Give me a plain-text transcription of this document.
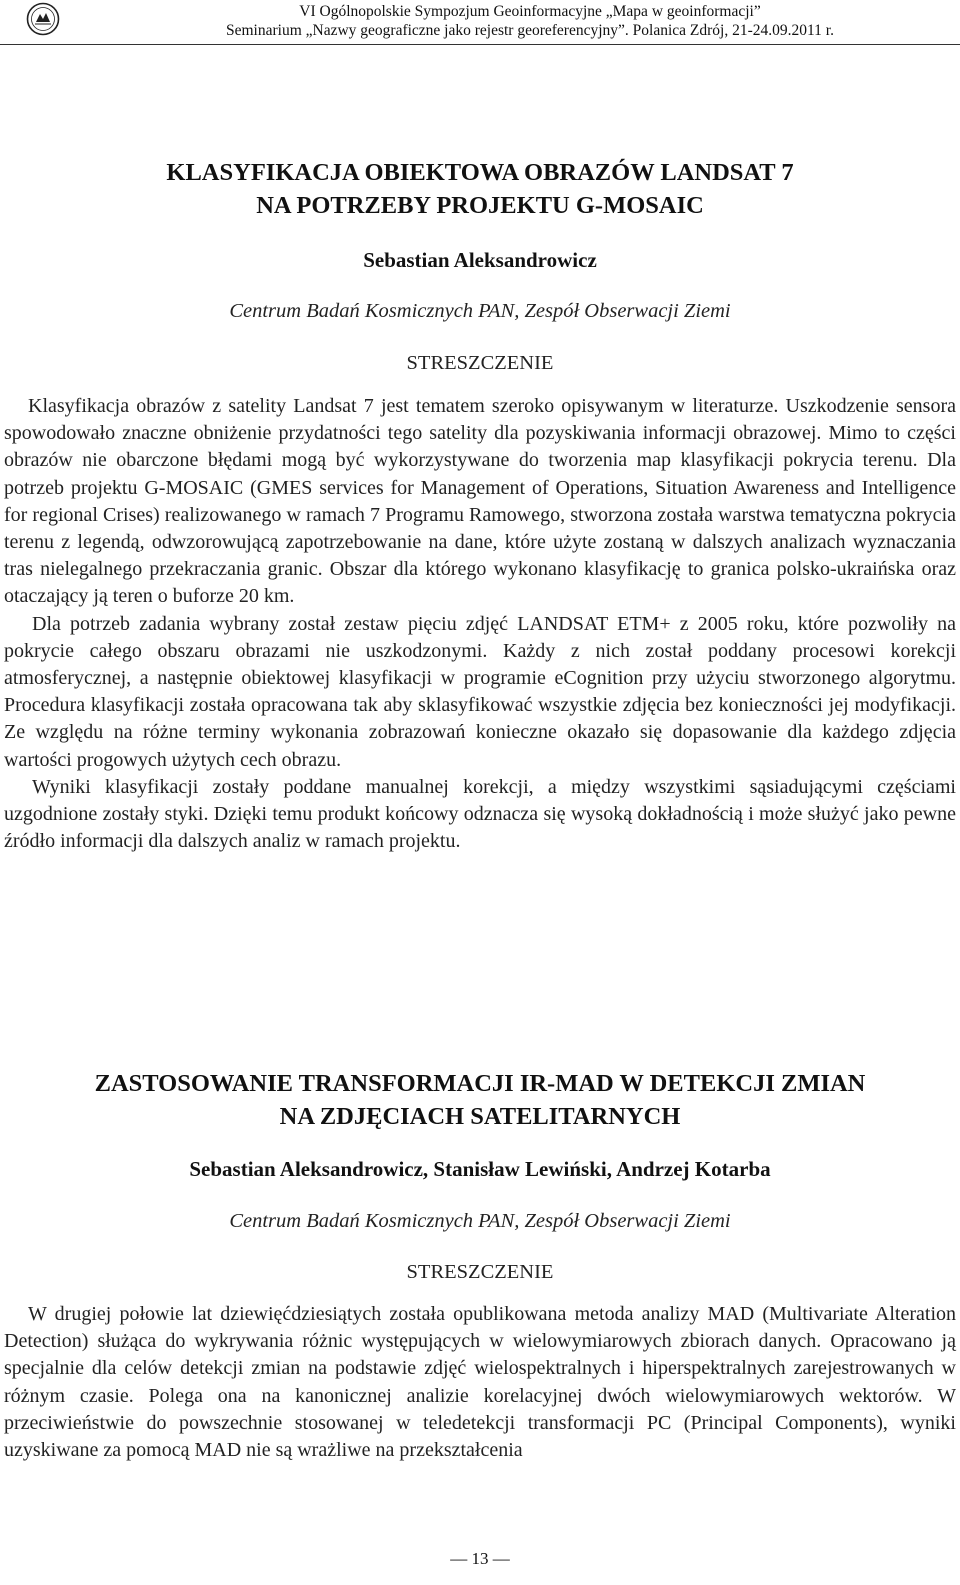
VI Ogólnopolskie Sympozjum Geoinformacyjne „Mapa w geoinformacji”
Seminarium „Nazwy geograficzne jako rejestr georeferencyjny”. Polanica Zdrój, 21-24.09.2011 r.
KLASYFIKACJA OBIEKTOWA OBRAZÓW LANDSAT 7
NA POTRZEBY PROJEKTU G-MOSAIC
Sebastian Aleksandrowicz
Centrum Badań Kosmicznych PAN, Zespół Obserwacji Ziemi
STRESZCZENIE

Klasyfikacja obrazów z satelity Landsat 7 jest tematem szeroko opisywanym w literaturze. Uszkodzenie sensora spowodowało znaczne obniżenie przydatności tego satelity dla pozyskiwania informacji obrazowej. Mimo to części obrazów nie obarczone błędami mogą być wykorzystywane do tworzenia map klasyfikacji pokrycia terenu. Dla potrzeb projektu G-MOSAIC (GMES services for Management of Operations, Situation Awareness and Intelligence for regional Crises) realizowanego w ramach 7 Programu Ramowego, stworzona została warstwa tematyczna pokrycia terenu z legendą, odwzorowującą zapotrzebowanie na dane, które użyte zostaną w dalszych analizach wyznaczania tras nielegalnego przekraczania granic. Obszar dla którego wykonano klasyfikację to granica polsko-ukraińska oraz otaczający ją teren o buforze 20 km.

Dla potrzeb zadania wybrany został zestaw pięciu zdjęć LANDSAT ETM+ z 2005 roku, które pozwoliły na pokrycie całego obszaru obrazami nie uszkodzonymi. Każdy z nich został poddany procesowi korekcji atmosferycznej, a następnie obiektowej klasyfikacji w programie eCognition przy użyciu stworzonego algorytmu. Procedura klasyfikacji została opracowana tak aby sklasyfikować wszystkie zdjęcia bez konieczności jej modyfikacji. Ze względu na różne terminy wykonania zobrazowań konieczne okazało się dopasowanie dla każdego zdjęcia wartości progowych użytych cech obrazu.

Wyniki klasyfikacji zostały poddane manualnej korekcji, a między wszystkimi sąsiadującymi częściami uzgodnione zostały styki. Dzięki temu produkt końcowy odznacza się wysoką dokładnością i może służyć jako pewne źródło informacji dla dalszych analiz w ramach projektu.

ZASTOSOWANIE TRANSFORMACJI IR-MAD W DETEKCJI ZMIAN
NA ZDJĘCIACH SATELITARNYCH
Sebastian Aleksandrowicz, Stanisław Lewiński, Andrzej Kotarba
Centrum Badań Kosmicznych PAN, Zespół Obserwacji Ziemi
STRESZCZENIE

W drugiej połowie lat dziewięćdziesiątych została opublikowana metoda analizy MAD (Multivariate Alteration Detection) służąca do wykrywania różnic występujących w wielowymiarowych zbiorach danych. Opracowano ją specjalnie dla celów detekcji zmian na podstawie zdjęć wielospektralnych i hiperspektralnych zarejestrowanych w różnym czasie. Polega ona na kanonicznej analizie korelacyjnej dwóch wielowymiarowych wektorów. W przeciwieństwie do powszechnie stosowanej w teledetekcji transformacji PC (Principal Components), wyniki uzyskiwane za pomocą MAD nie są wrażliwe na przekształcenia

— 13 —
